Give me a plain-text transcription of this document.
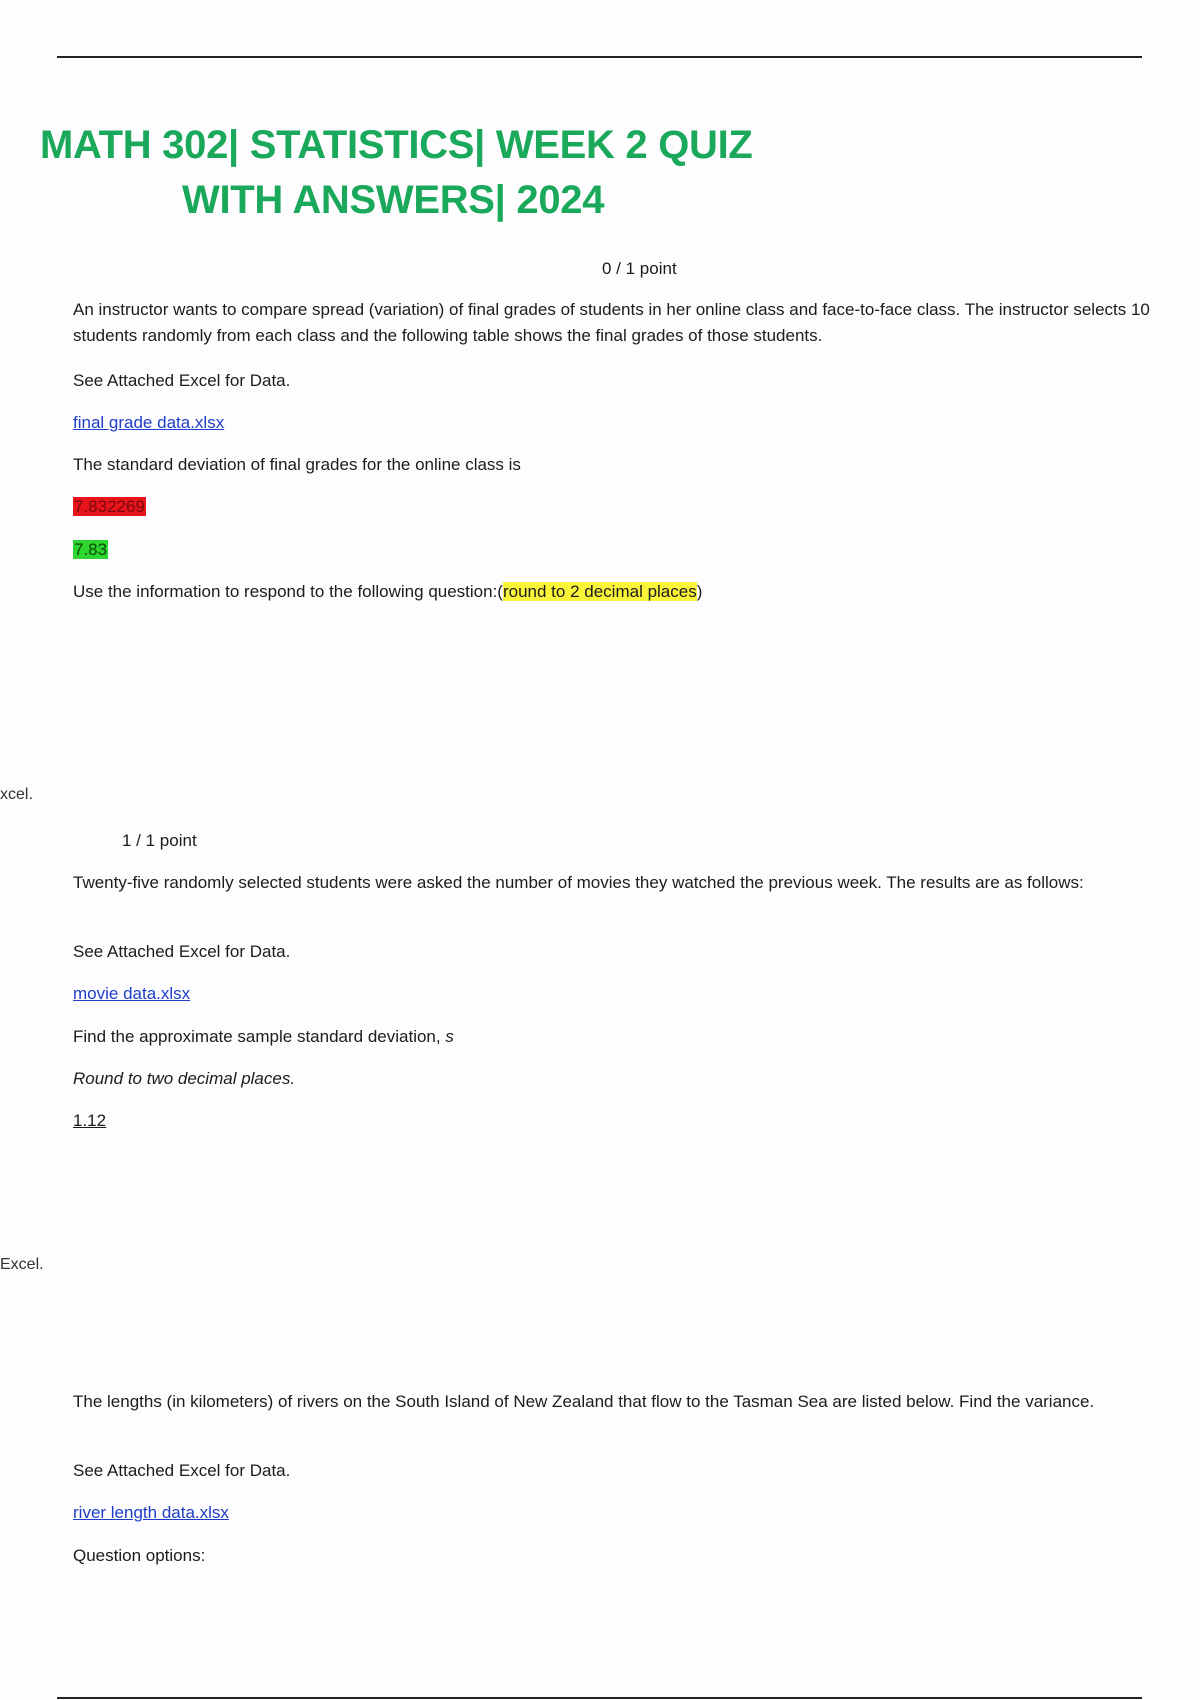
MATH 302| STATISTICS| WEEK 2 QUIZ
WITH ANSWERS| 2024
0 / 1 point
An instructor wants to compare spread (variation) of final grades of students in her online class and face-to-face class. The instructor selects 10 students randomly from each class and the following table shows the final grades of those students.
See Attached Excel for Data.
final grade data.xlsx
The standard deviation of final grades for the online class is
7.832269
7.83
Use the information to respond to the following question:(round to 2 decimal places)
xcel.
1 / 1 point
Twenty-five randomly selected students were asked the number of movies they watched the previous week. The results are as follows:
See Attached Excel for Data.
movie data.xlsx
Find the approximate sample standard deviation, s
Round to two decimal places.
1.12
Excel.
The lengths (in kilometers) of rivers on the South Island of New Zealand that flow to the Tasman Sea are listed below. Find the variance.
See Attached Excel for Data.
river length data.xlsx
Question options:
